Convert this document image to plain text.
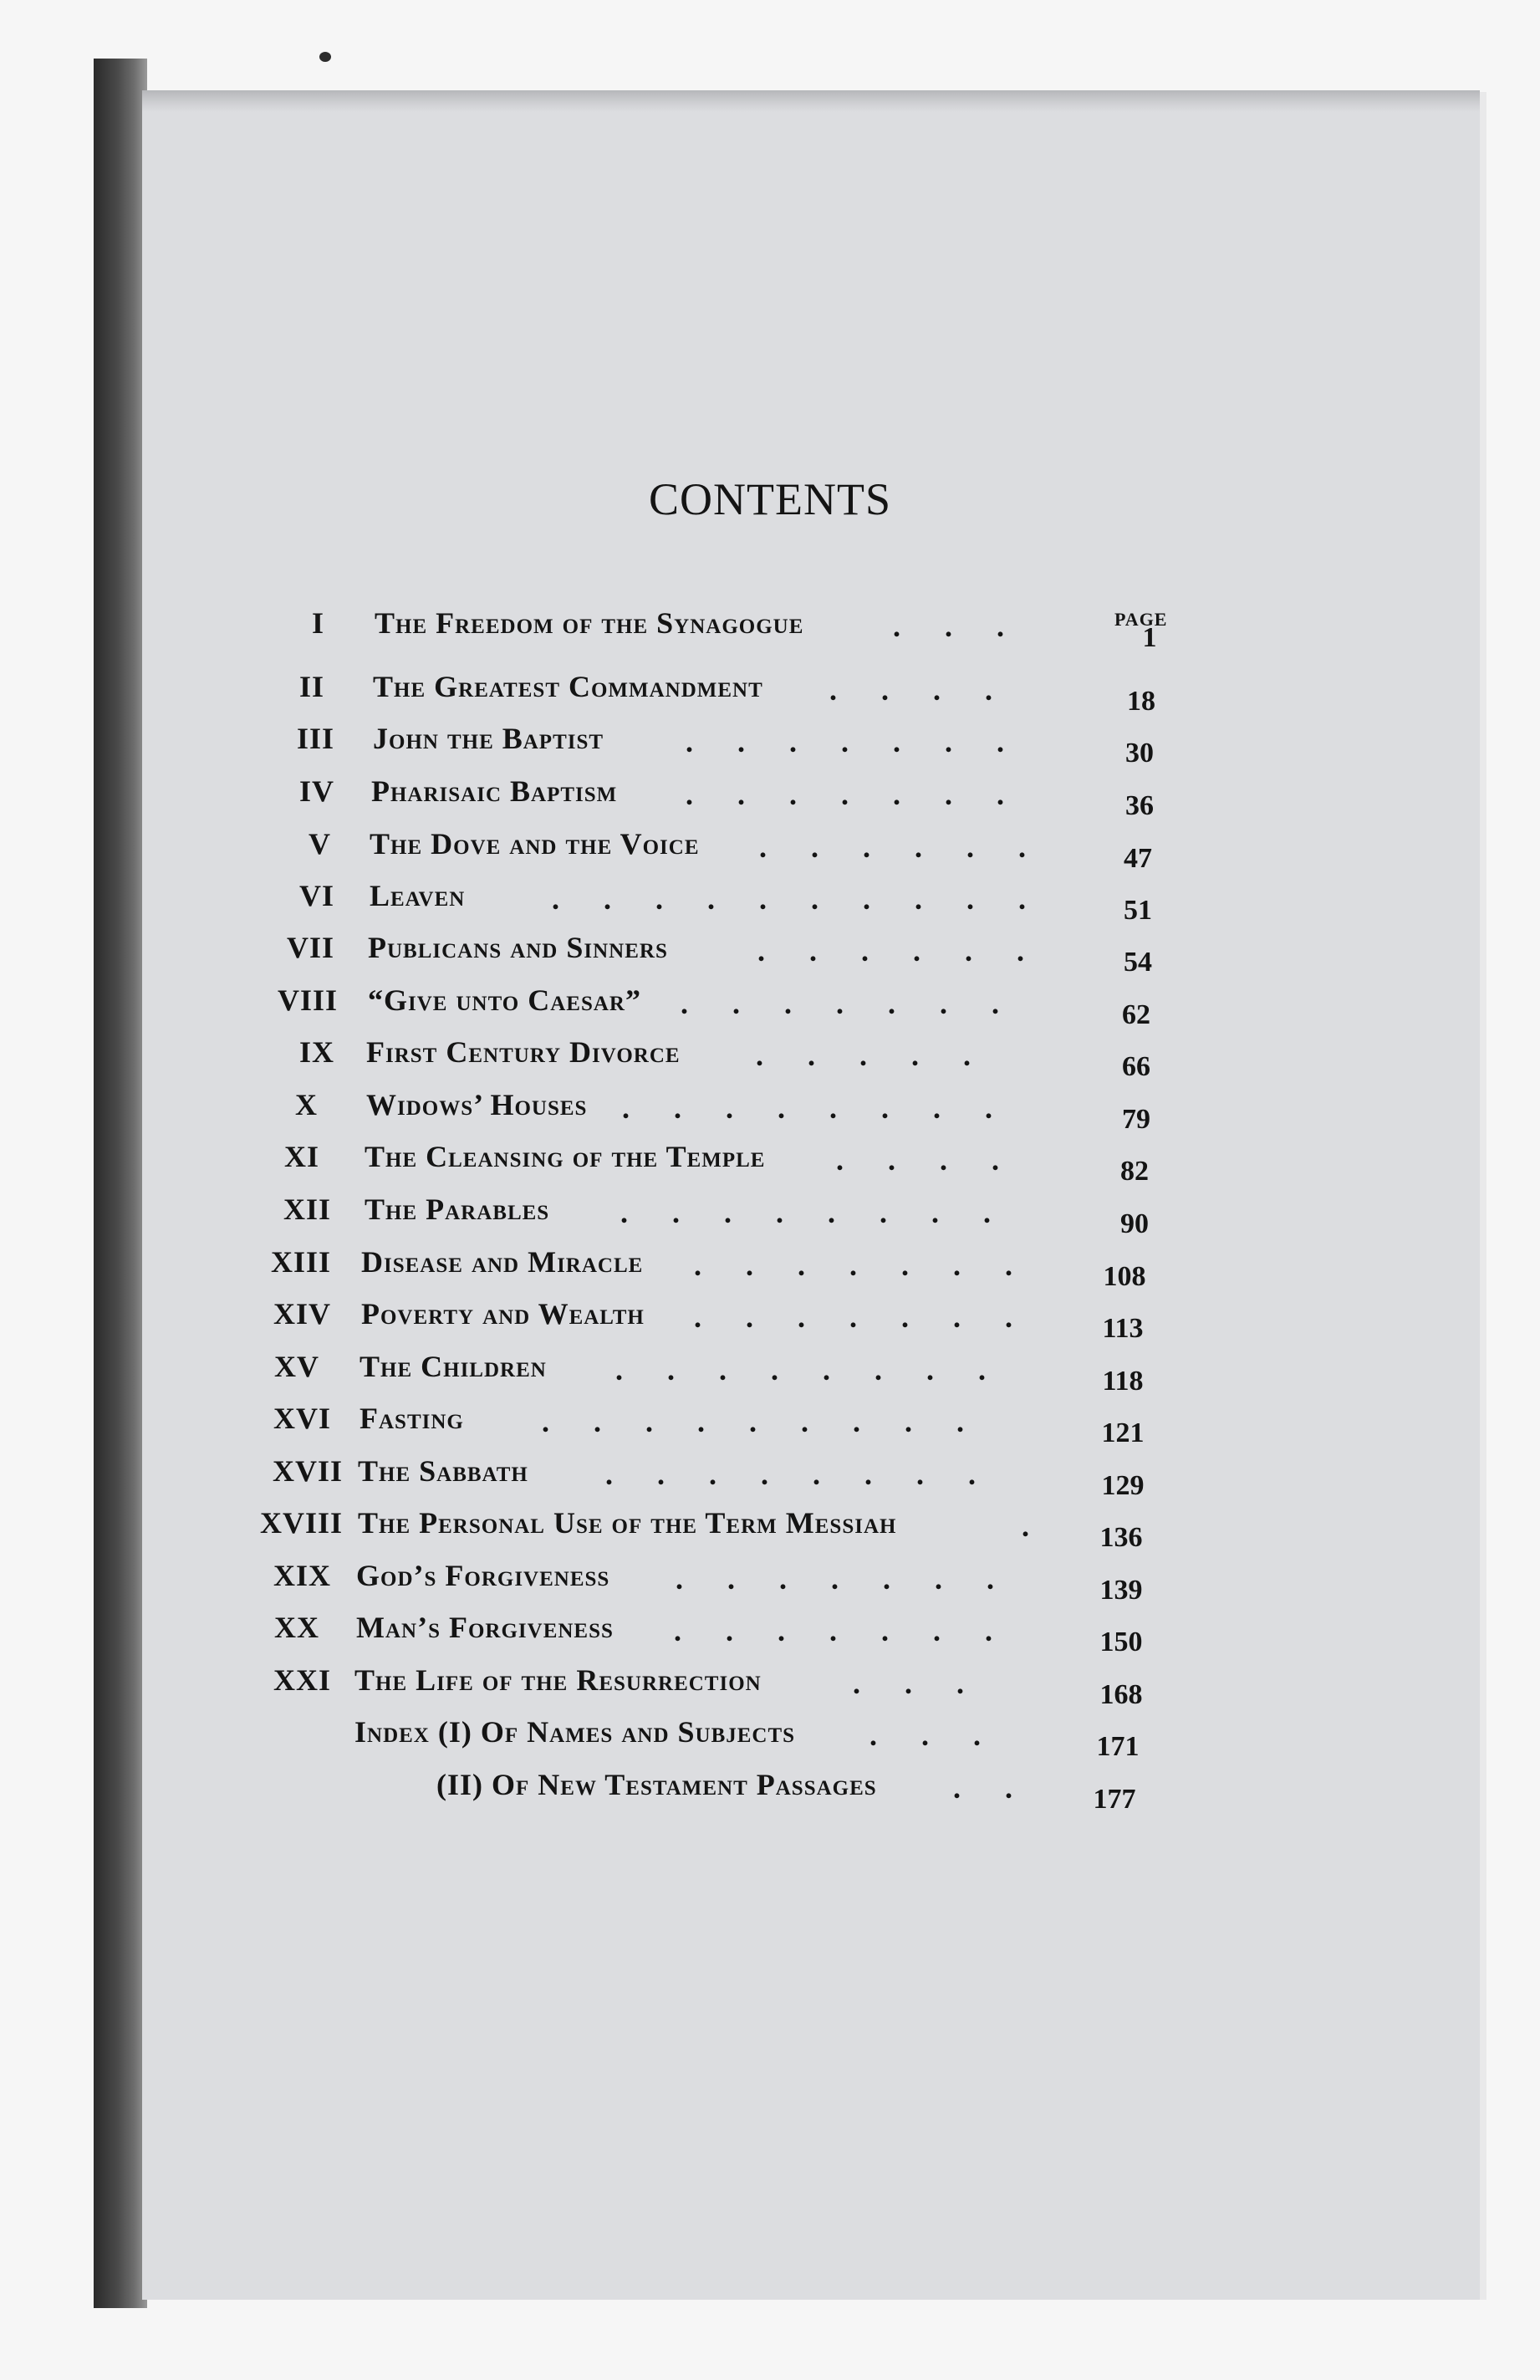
CONTENTS
PAGE
I The Freedom of the Synagogue	. . .	1
II The Greatest Commandment . . . .	18
III John the Baptist	. . . . . . .	30
IV Pharisaic Baptism . . . . . . .	36
V The Dove and the Voice . . . . . .	47
VI Leaven	. . . . . . . . . .	51
VII Publicans and Sinners	. . . . . .	54
VIII “Give unto Caesar” . . . . . . .	62
IX First Century Divorce	. . . . .	66
X Widows’ Houses . . . . . . . .	79
XI The Cleansing of the Temple . . . .	82
XII The Parables . . . . . . . .	90
XIII Disease and Miracle . . . . . . .	108
XIV Poverty and Wealth . . . . . . .	113
XV The Children . . . . . . . .	118
XVI Fasting	. . . . . . . . .	121
XVII The Sabbath	. . . . . . . .	129
XVIII The Personal Use of the Term Messiah	.	136
XIX God’s Forgiveness . . . . . . .	139
XX Man’s Forgiveness . . . . . . .	150
XXI The Life of the Resurrection	. . .	168
Index (I) Of Names and Subjects . . .	171
(II) Of New Testament Passages	. .	177
